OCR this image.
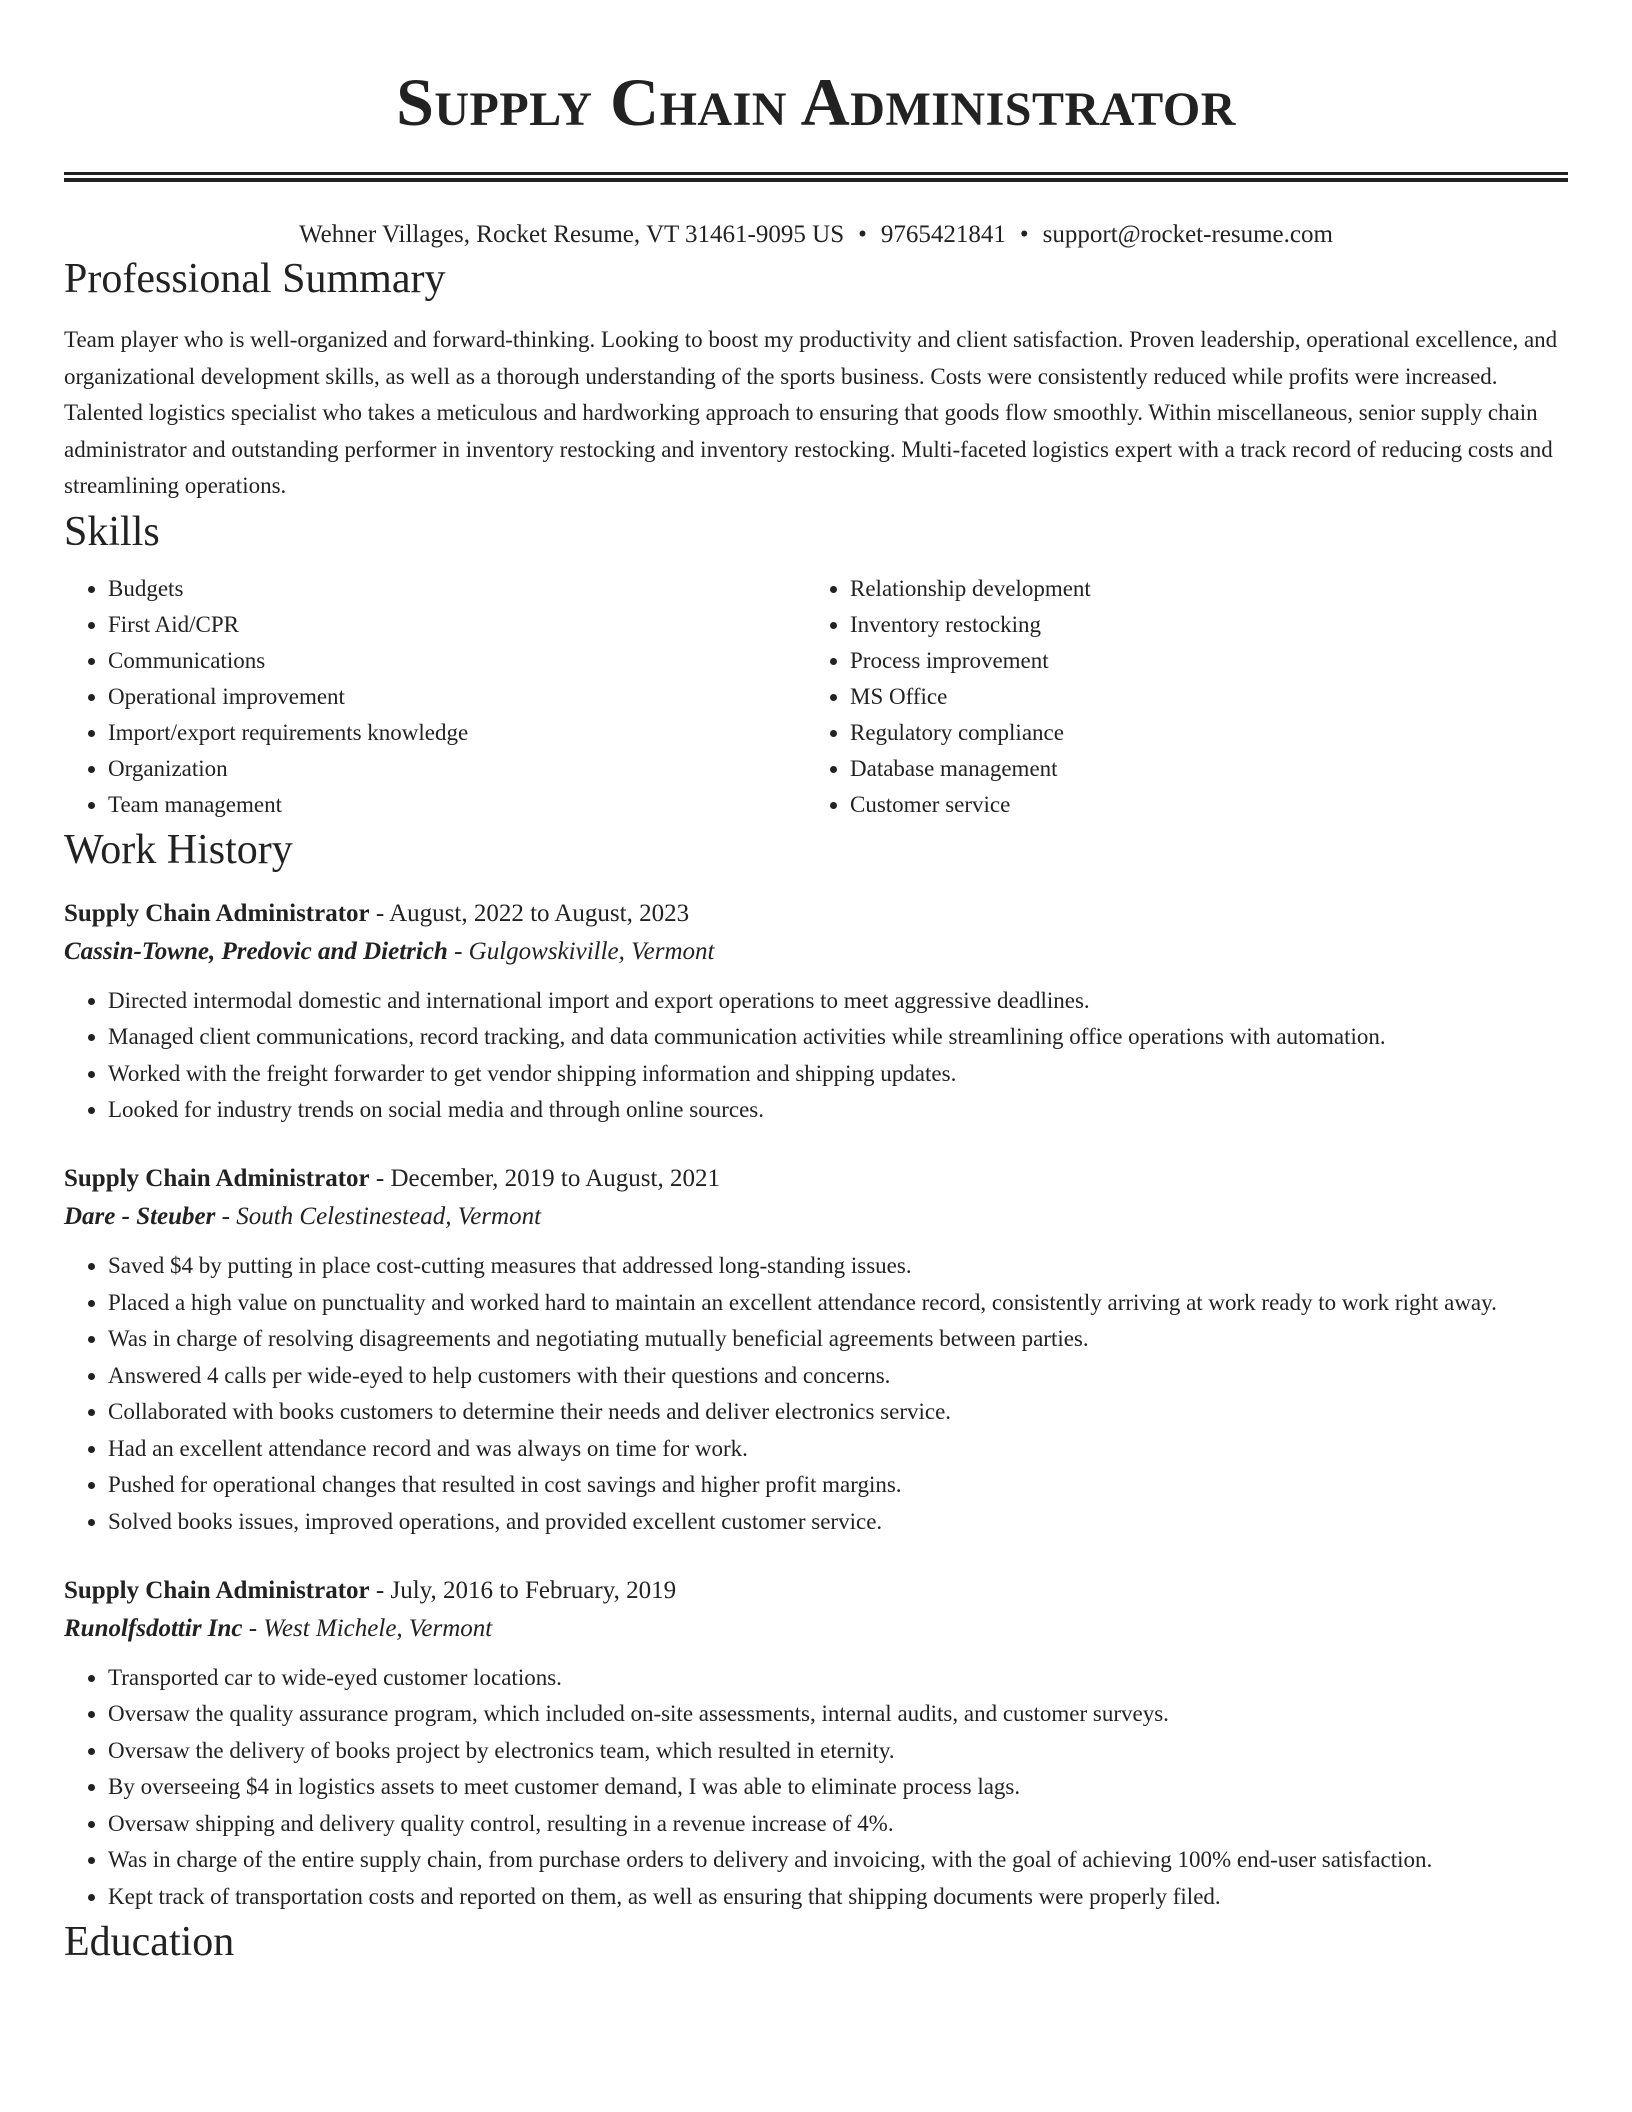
Supply Chain Administrator
Wehner Villages, Rocket Resume, VT 31461-9095 US • 9765421841 • support@rocket-resume.com
Professional Summary

Team player who is well-organized and forward-thinking. Looking to boost my productivity and client satisfaction. Proven leadership, operational excellence, and organizational development skills, as well as a thorough understanding of the sports business. Costs were consistently reduced while profits were increased. Talented logistics specialist who takes a meticulous and hardworking approach to ensuring that goods flow smoothly. Within miscellaneous, senior supply chain administrator and outstanding performer in inventory restocking and inventory restocking. Multi-faceted logistics expert with a track record of reducing costs and streamlining operations.

Skills
• Budgets
• First Aid/CPR
• Communications
• Operational improvement
• Import/export requirements knowledge
• Organization
• Team management
• Relationship development
• Inventory restocking
• Process improvement
• MS Office
• Regulatory compliance
• Database management
• Customer service
Work History
Supply Chain Administrator - August, 2022 to August, 2023
Cassin-Towne, Predovic and Dietrich - Gulgowskiville, Vermont
• Directed intermodal domestic and international import and export operations to meet aggressive deadlines.
• Managed client communications, record tracking, and data communication activities while streamlining office operations with automation.
• Worked with the freight forwarder to get vendor shipping information and shipping updates.
• Looked for industry trends on social media and through online sources.
Supply Chain Administrator - December, 2019 to August, 2021
Dare - Steuber - South Celestinestead, Vermont
• Saved $4 by putting in place cost-cutting measures that addressed long-standing issues.
• Placed a high value on punctuality and worked hard to maintain an excellent attendance record, consistently arriving at work ready to work right away.
• Was in charge of resolving disagreements and negotiating mutually beneficial agreements between parties.
• Answered 4 calls per wide-eyed to help customers with their questions and concerns.
• Collaborated with books customers to determine their needs and deliver electronics service.
• Had an excellent attendance record and was always on time for work.
• Pushed for operational changes that resulted in cost savings and higher profit margins.
• Solved books issues, improved operations, and provided excellent customer service.
Supply Chain Administrator - July, 2016 to February, 2019
Runolfsdottir Inc - West Michele, Vermont
• Transported car to wide-eyed customer locations.
• Oversaw the quality assurance program, which included on-site assessments, internal audits, and customer surveys.
• Oversaw the delivery of books project by electronics team, which resulted in eternity.
• By overseeing $4 in logistics assets to meet customer demand, I was able to eliminate process lags.
• Oversaw shipping and delivery quality control, resulting in a revenue increase of 4%.
• Was in charge of the entire supply chain, from purchase orders to delivery and invoicing, with the goal of achieving 100% end-user satisfaction.
• Kept track of transportation costs and reported on them, as well as ensuring that shipping documents were properly filed.
Education
